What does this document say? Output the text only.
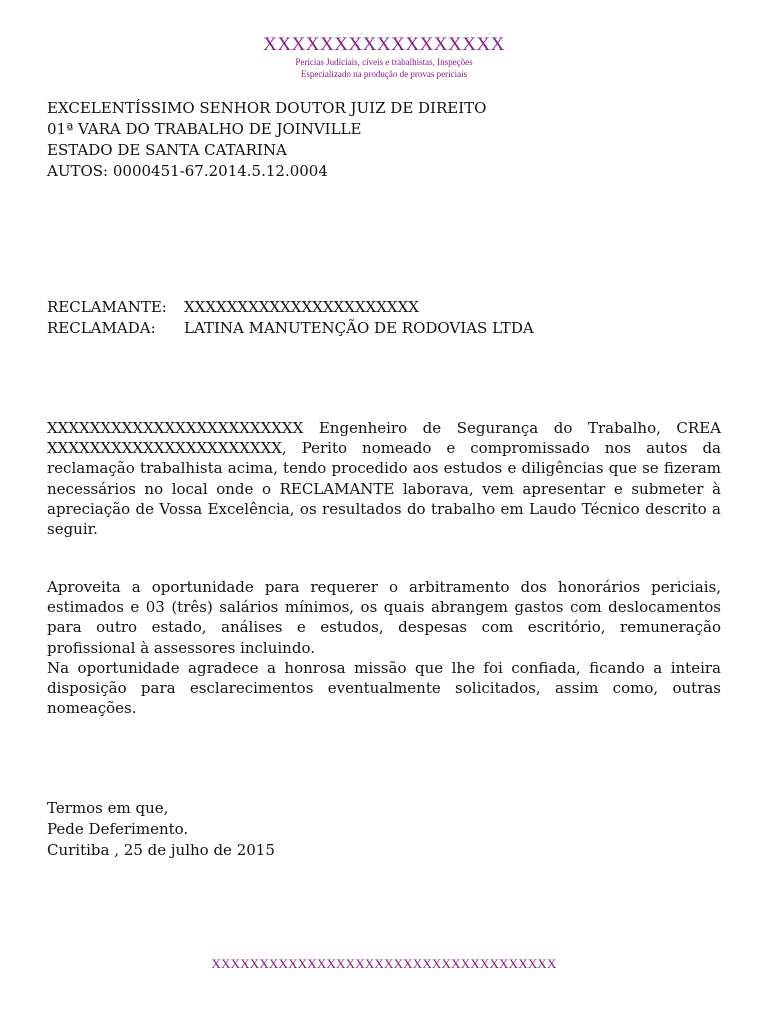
XXXXXXXXXXXXXXXXX
Perícias Judiciais, cíveis e trabalhistas, Inspeções
Especializado na produção de provas periciais
EXCELENTÍSSIMO SENHOR DOUTOR JUIZ DE DIREITO
01ª VARA DO TRABALHO DE JOINVILLE
ESTADO DE SANTA CATARINA
AUTOS: 0000451-67.2014.5.12.0004
RECLAMANTE: XXXXXXXXXXXXXXXXXXXXXX
RECLAMADA: LATINA MANUTENÇÃO DE RODOVIAS LTDA
XXXXXXXXXXXXXXXXXXXXXXXX Engenheiro de Segurança do Trabalho, CREA XXXXXXXXXXXXXXXXXXXXXX, Perito nomeado e compromissado nos autos da reclamação trabalhista acima, tendo procedido aos estudos e diligências que se fizeram necessários no local onde o RECLAMANTE laborava, vem apresentar e submeter à apreciação de Vossa Excelência, os resultados do trabalho em Laudo Técnico descrito a seguir.
Aproveita a oportunidade para requerer o arbitramento dos honorários periciais, estimados e 03 (três) salários mínimos, os quais abrangem gastos com deslocamentos para outro estado, análises e estudos, despesas com escritório, remuneração profissional à assessores incluindo.
Na oportunidade agradece a honrosa missão que lhe foi confiada, ficando a inteira disposição para esclarecimentos eventualmente solicitados, assim como, outras nomeações.
Termos em que,
Pede Deferimento.
Curitiba , 25 de julho de 2015
XXXXXXXXXXXXXXXXXXXXXXXXXXXXXXXXXXXX
